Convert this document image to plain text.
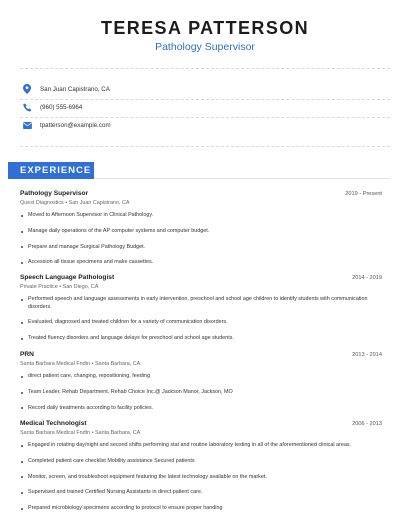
TERESA PATTERSON
Pathology Supervisor
San Juan Capistrano, CA
(960) 555-6964
tpatterson@example.com
EXPERIENCE
Pathology Supervisor	2019 - Present
Quest Diagnostics • San Juan Capistrano, CA
Moved to Afternoon Supervisor in Clinical Pathology.
Manage daily operations of the AP computer systems and computer budget.
Prepare and manage Surgical Pathology Budget.
Accession all tissue specimens and make cassettes.
Speech Language Pathologist	2014 - 2019
Private Practice • San Diego, CA
Performed speech and language assessments in early intervention, preschool and school age children to identify students with communication disorders.
Evaluated, diagnosed and treated children for a variety of communication disorders.
Treated fluency disorders and language delays for preschool and school age students.
PRN	2013 - 2014
Santa Barbara Medical Fndtn • Santa Barbara, CA
direct patient care, changing, repositioning, feeding
Team Leader, Rehab Department, Rehab Choice Inc.@ Jackson Manor, Jackson, MO
Record daily treatments according to facility policies.
Medical Technologist	2006 - 2013
Santa Barbara Medical Fndtn • Santa Barbara, CA
Engaged in rotating day/night and second shifts performing stat and routine laboratory testing in all of the aforementioned clinical areas.
Completed patient care checklist Mobility assistance Secured patients
Monitor, screen, and troubleshoot equipment featuring the latest technology available on the market.
Supervised and trained Certified Nursing Assistants in direct patient care.
Prepared microbiology specimens according to protocol to ensure proper handing
